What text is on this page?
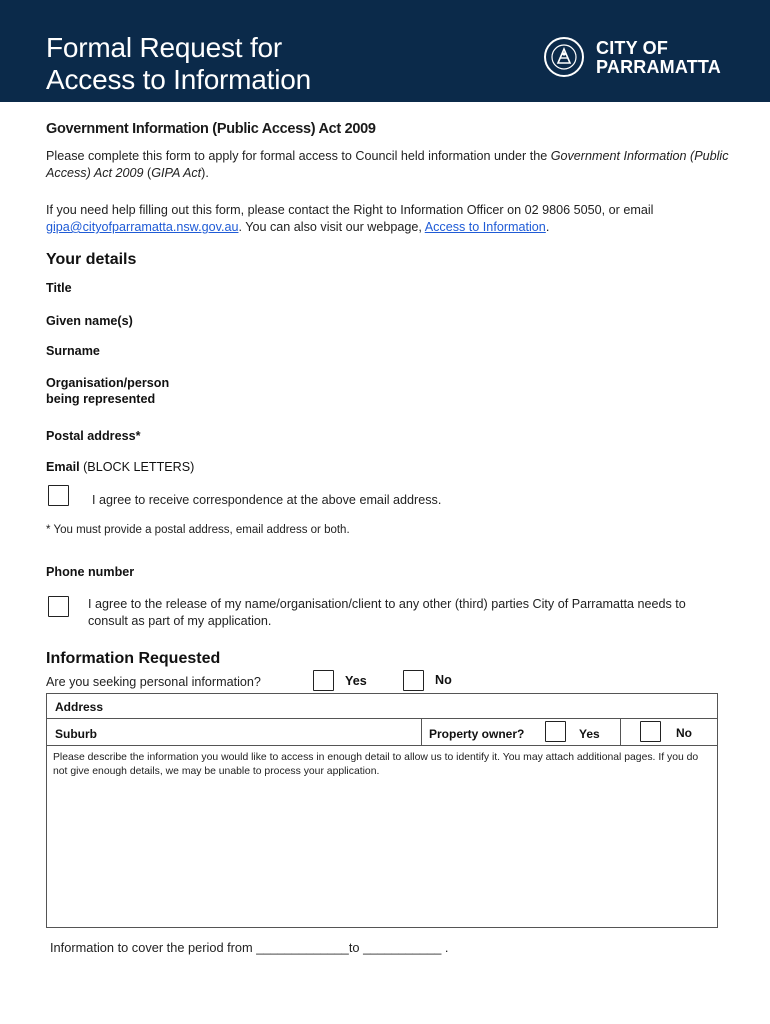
Formal Request for
Access to Information
CITY OF
PARRAMATTA
Government Information (Public Access) Act 2009
Please complete this form to apply for formal access to Council held information under the Government Information (Public Access) Act 2009 (GIPA Act).
If you need help filling out this form, please contact the Right to Information Officer on 02 9806 5050, or email gipa@cityofparramatta.nsw.gov.au. You can also visit our webpage, Access to Information.
Your details
Title
Given name(s)
Surname
Organisation/person
being represented
Postal address*
Email (BLOCK LETTERS)
I agree to receive correspondence at the above email address.
* You must provide a postal address, email address or both.
Phone number
I agree to the release of my name/organisation/client to any other (third) parties City of Parramatta needs to consult as part of my application.
Information Requested
Are you seeking personal information?	Yes	No
Address
Suburb	Property owner?	Yes	No
Please describe the information you would like to access in enough detail to allow us to identify it. You may attach additional pages. If you do not give enough details, we may be unable to process your application.
Information to cover the period from _____________to ___________ .
